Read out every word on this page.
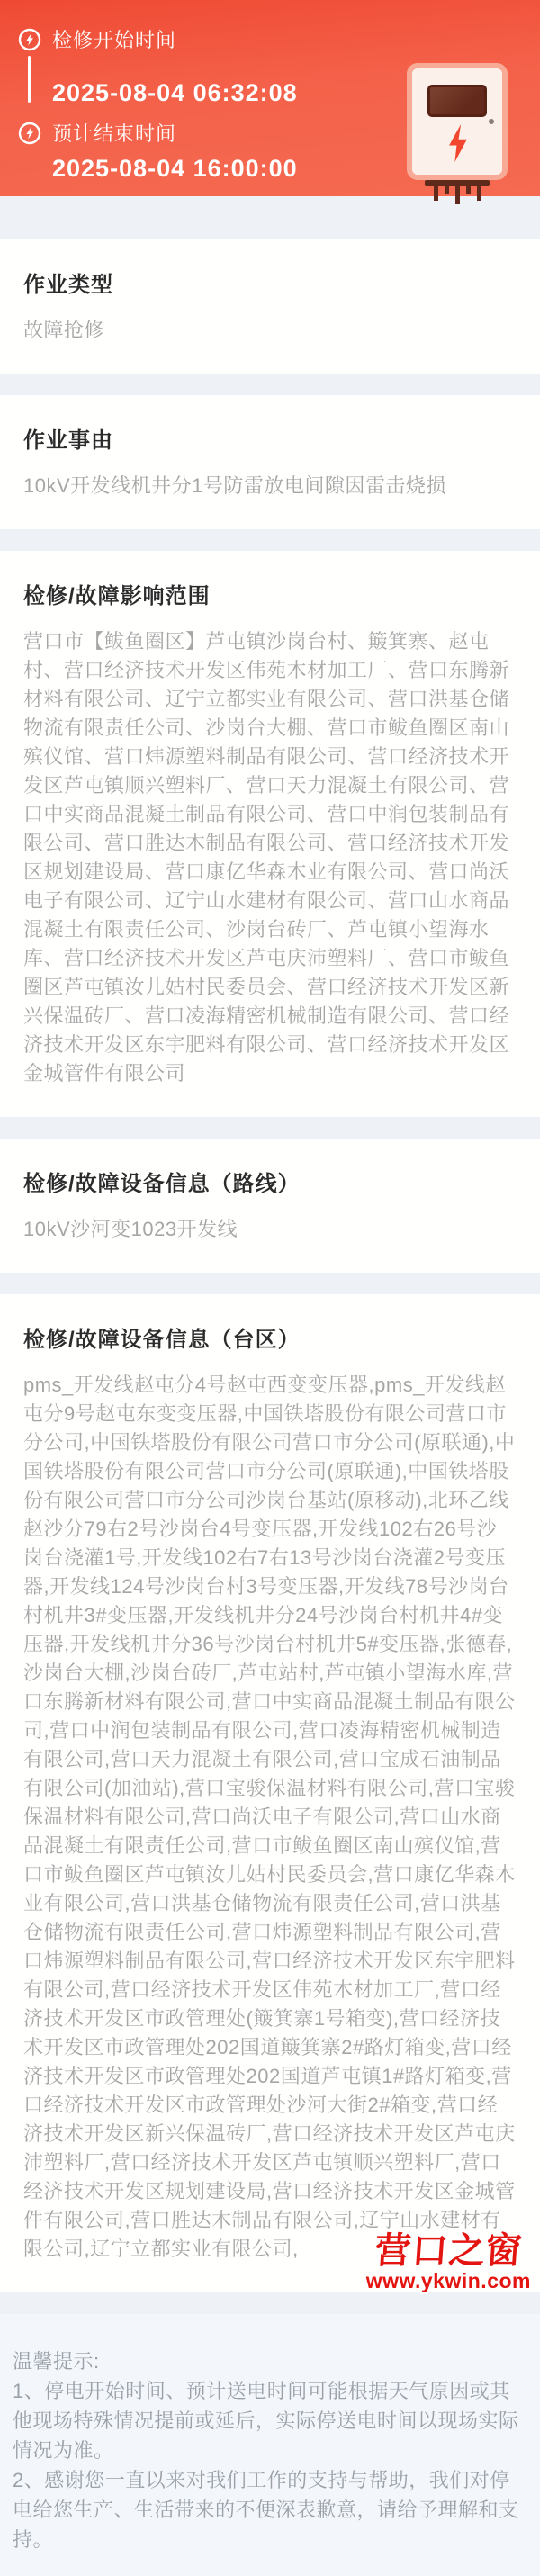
检修开始时间
2025-08-04 06:32:08
预计结束时间
2025-08-04 16:00:00
作业类型

故障抢修

作业事由

10kV开发线机井分1号防雷放电间隙因雷击烧损

检修/故障影响范围

营口市【鲅鱼圈区】芦屯镇沙岗台村、簸箕寨、赵屯村、营口经济技术开发区伟苑木材加工厂、营口东腾新材料有限公司、辽宁立都实业有限公司、营口洪基仓储物流有限责任公司、沙岗台大棚、营口市鲅鱼圈区南山殡仪馆、营口炜源塑料制品有限公司、营口经济技术开发区芦屯镇顺兴塑料厂、营口天力混凝土有限公司、营口中实商品混凝土制品有限公司、营口中润包装制品有限公司、营口胜达木制品有限公司、营口经济技术开发区规划建设局、营口康亿华森木业有限公司、营口尚沃电子有限公司、辽宁山水建材有限公司、营口山水商品混凝土有限责任公司、沙岗台砖厂、芦屯镇小望海水库、营口经济技术开发区芦屯庆沛塑料厂、营口市鲅鱼圈区芦屯镇汝儿姑村民委员会、营口经济技术开发区新兴保温砖厂、营口凌海精密机械制造有限公司、营口经济技术开发区东宇肥料有限公司、营口经济技术开发区金城管件有限公司

检修/故障设备信息（路线）

10kV沙河变1023开发线

检修/故障设备信息（台区）

pms_开发线赵屯分4号赵屯西变变压器,pms_开发线赵屯分9号赵屯东变变压器,中国铁塔股份有限公司营口市分公司,中国铁塔股份有限公司营口市分公司(原联通),中国铁塔股份有限公司营口市分公司(原联通),中国铁塔股份有限公司营口市分公司沙岗台基站(原移动),北环乙线赵沙分79右2号沙岗台4号变压器,开发线102右26号沙岗台浇灌1号,开发线102右7右13号沙岗台浇灌2号变压器,开发线124号沙岗台村3号变压器,开发线78号沙岗台村机井3#变压器,开发线机井分24号沙岗台村机井4#变压器,开发线机井分36号沙岗台村机井5#变压器,张德春,沙岗台大棚,沙岗台砖厂,芦屯站村,芦屯镇小望海水库,营口东腾新材料有限公司,营口中实商品混凝土制品有限公司,营口中润包装制品有限公司,营口凌海精密机械制造有限公司,营口天力混凝土有限公司,营口宝成石油制品有限公司(加油站),营口宝骏保温材料有限公司,营口宝骏保温材料有限公司,营口尚沃电子有限公司,营口山水商品混凝土有限责任公司,营口市鲅鱼圈区南山殡仪馆,营口市鲅鱼圈区芦屯镇汝儿姑村民委员会,营口康亿华森木业有限公司,营口洪基仓储物流有限责任公司,营口洪基仓储物流有限责任公司,营口炜源塑料制品有限公司,营口炜源塑料制品有限公司,营口经济技术开发区东宇肥料有限公司,营口经济技术开发区伟苑木材加工厂,营口经济技术开发区市政管理处(簸箕寨1号箱变),营口经济技术开发区市政管理处202国道簸箕寨2#路灯箱变,营口经济技术开发区市政管理处202国道芦屯镇1#路灯箱变,营口经济技术开发区市政管理处沙河大街2#箱变,营口经济技术开发区新兴保温砖厂,营口经济技术开发区芦屯庆沛塑料厂,营口经济技术开发区芦屯镇顺兴塑料厂,营口经济技术开发区规划建设局,营口经济技术开发区金城管件有限公司,营口胜达木制品有限公司,辽宁山水建材有限公司,辽宁立都实业有限公司,

温馨提示:

1、停电开始时间、预计送电时间可能根据天气原因或其他现场特殊情况提前或延后，实际停送电时间以现场实际情况为准。

2、感谢您一直以来对我们工作的支持与帮助，我们对停电给您生产、生活带来的不便深表歉意，请给予理解和支持。

营口之窗
www.ykwin.com
